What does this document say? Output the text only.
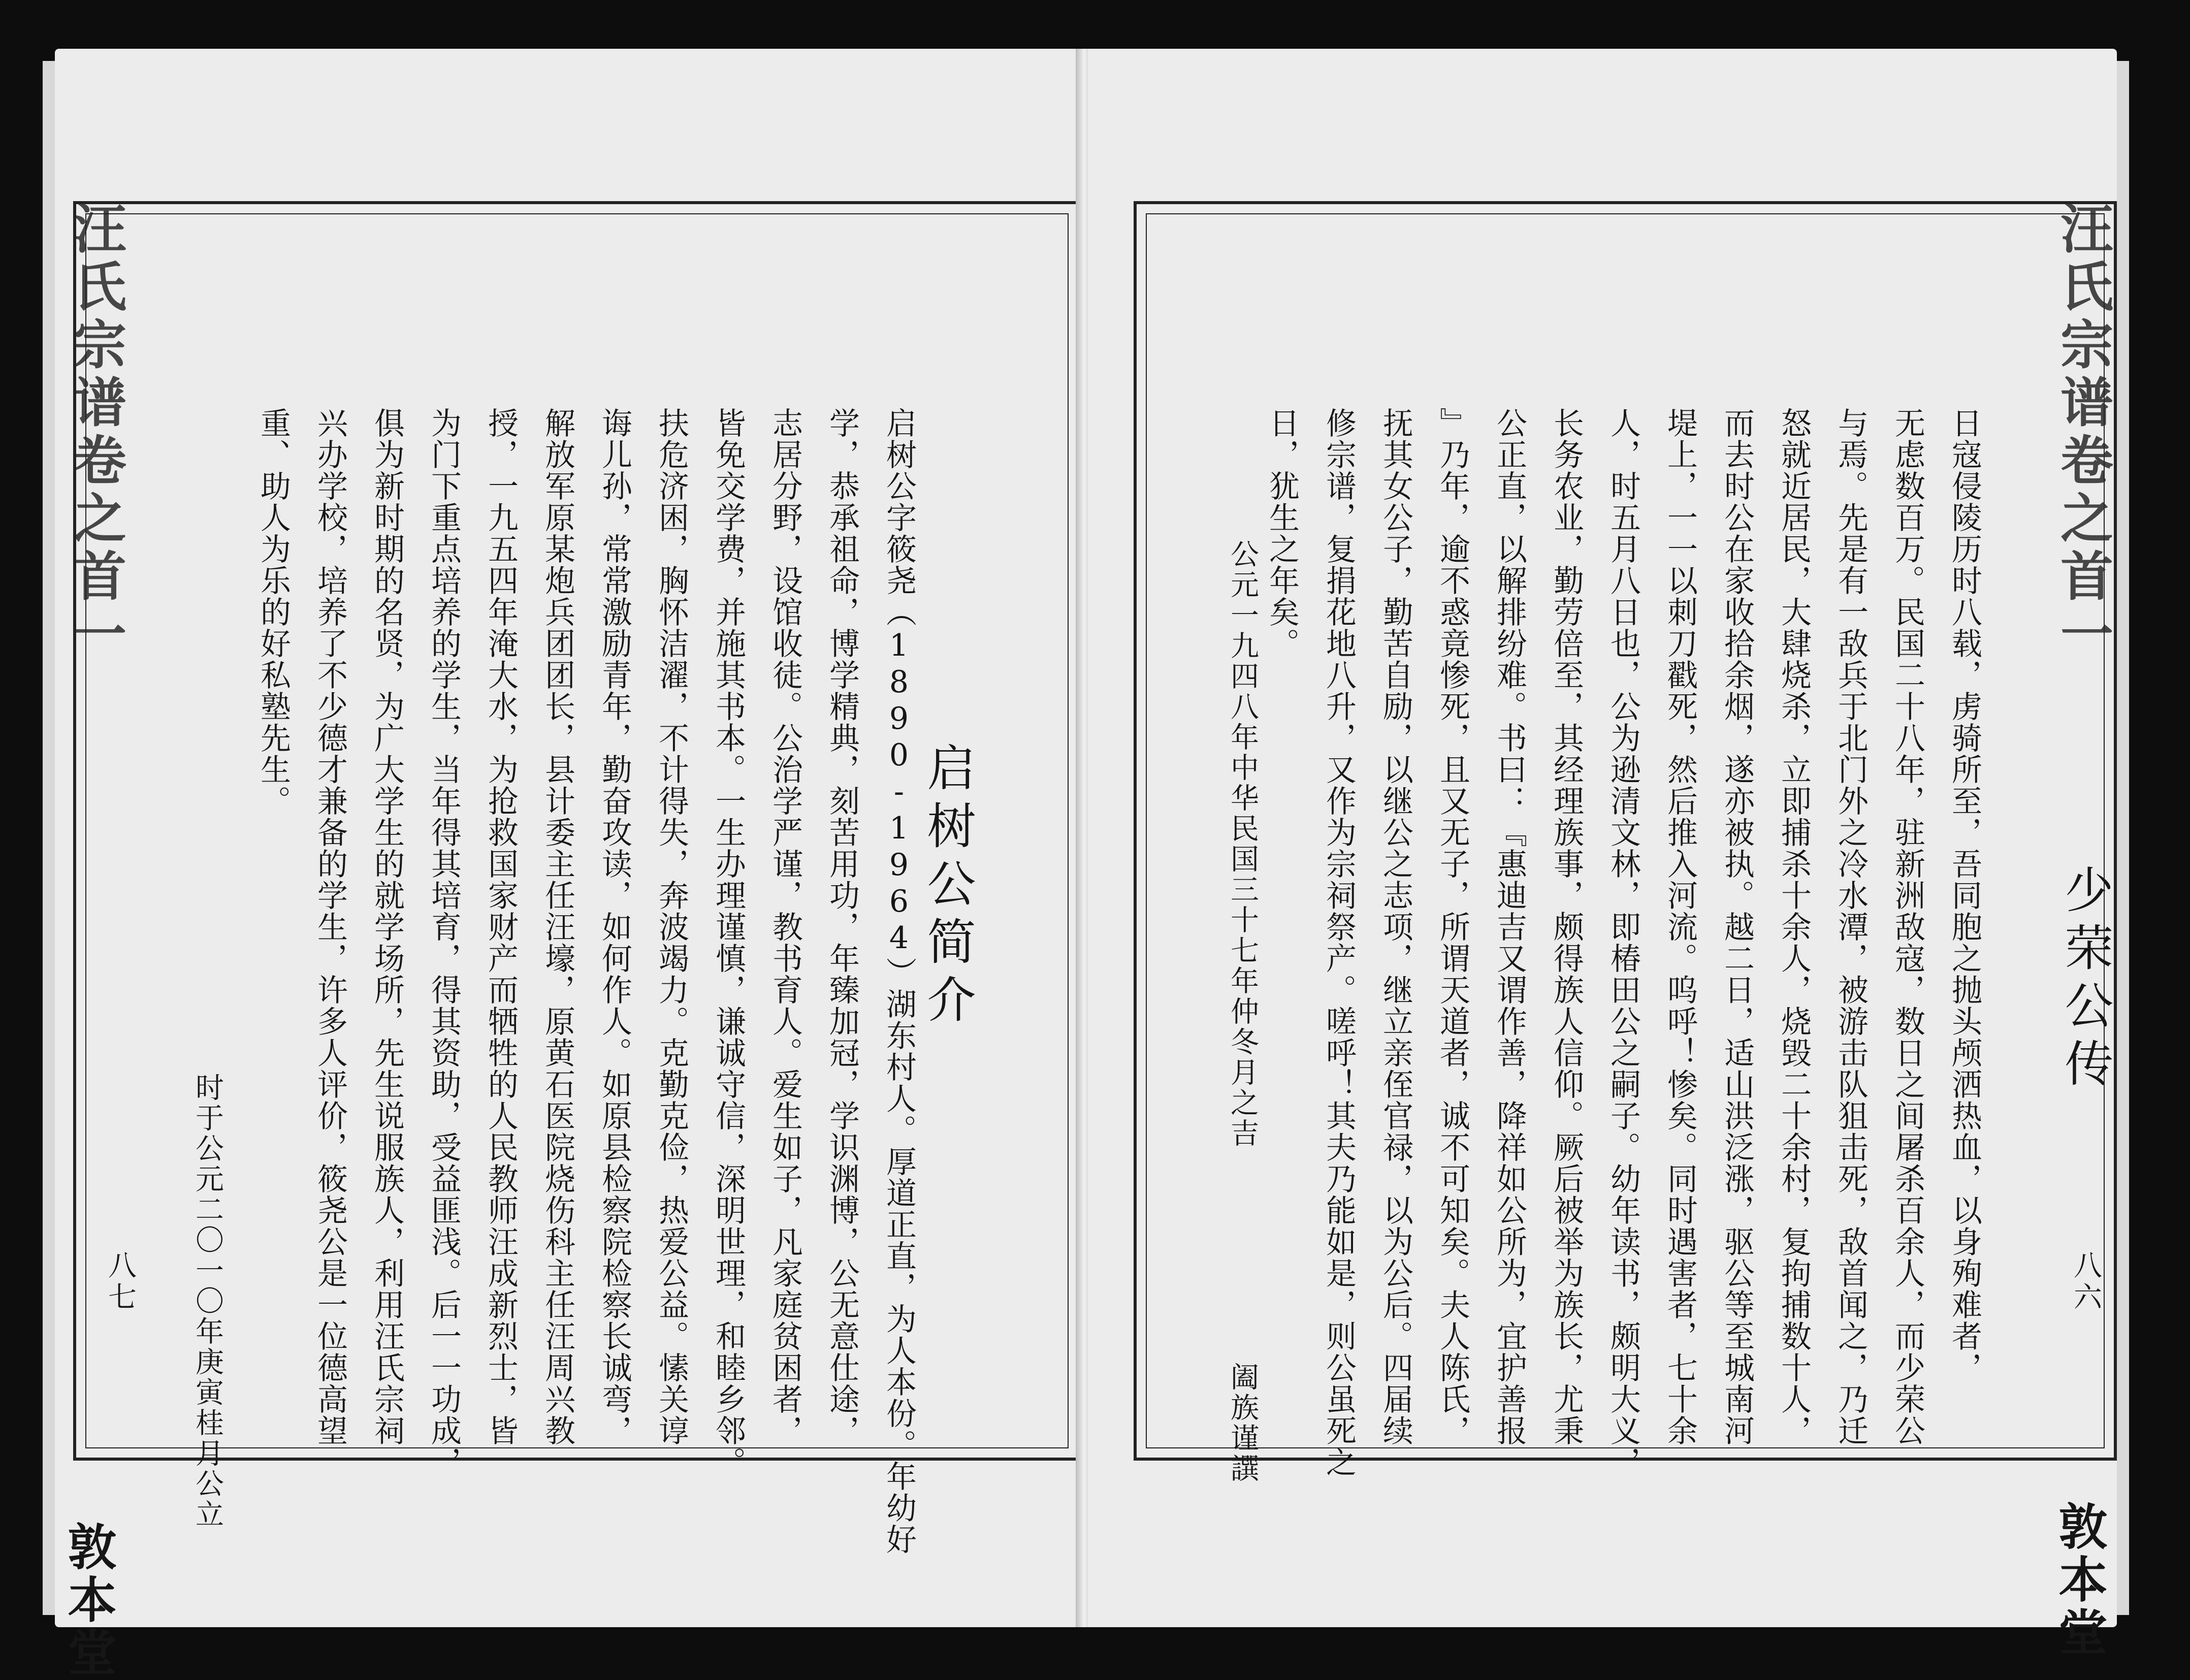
汪氏宗谱卷之首一
八七 时于公元二〇一〇年庚寅桂月公立	启树公字筱尧（1890-1964）湖东村人。厚道正直，为人本份。年幼好
学，恭承祖命，博学精典，刻苦用功，年臻加冠，学识渊博，公无意仕途，
志居分野，设馆收徒。公治学严谨，教书育人。爱生如子，凡家庭贫困者，
皆免交学费，并施其书本。一生办理谨慎，谦诚守信，深明世理，和睦乡邻。
扶危济困，胸怀洁濯，不计得失，奔波竭力。克勤克俭，热爱公益。愫关谆
诲儿孙，常常激励青年，勤奋攻读，如何作人。如原县检察院检察长诚弯，
解放军原某炮兵团团长，县计委主任汪壕，原黄石医院烧伤科主任汪周兴教
授，一九五四年淹大水，为抢救国家财产而牺牲的人民教师汪成新烈士，皆
为门下重点培养的学生，当年得其培育，得其资助，受益匪浅。后一一功成，
俱为新时期的名贤，为广大学生的就学场所，先生说服族人，利用汪氏宗祠
兴办学校，培养了不少德才兼备的学生，许多人评价，筱尧公是一位德高望
重、助人为乐的好私塾先生。
启树公简介
敦本堂
日寇侵陵历时八载，虏骑所至，吾同胞之抛头颅洒热血，以身殉难者，
无虑数百万。民国二十八年，驻新洲敌寇，数日之间屠杀百余人，而少荣公
与焉。先是有一敌兵于北门外之冷水潭，被游击队狙击死，敌首闻之，乃迁
怒就近居民，大肆烧杀，立即捕杀十余人，烧毁二十余村，复拘捕数十人，
而去时公在家收拾余烟，遂亦被执。越二日，适山洪泛涨，驱公等至城南河
堤上，一一以刺刀戳死，然后推入河流。呜呼！惨矣。同时遇害者，七十余
人，时五月八日也，公为逊清文林，即椿田公之嗣子。幼年读书，颇明大义，
长务农业，勤劳倍至，其经理族事，颇得族人信仰。厥后被举为族长，尤秉
公正直，以解排纷难。书曰：『惠迪吉又谓作善，降祥如公所为，宜护善报
』乃年，逾不惑竟惨死，且又无子，所谓天道者，诚不可知矣。夫人陈氏，
抚其女公子，勤苦自励，以继公之志项，继立亲侄官禄，以为公后。四届续
修宗谱，复捐花地八升，又作为宗祠祭产。嗟呼！其夫乃能如是，则公虽死之
日，犹生之年矣。
少荣公传
公元一九四八年中华民国三十七年仲冬月之吉
阖族谨譔
八六
汪氏宗谱卷之首一
敦本堂
